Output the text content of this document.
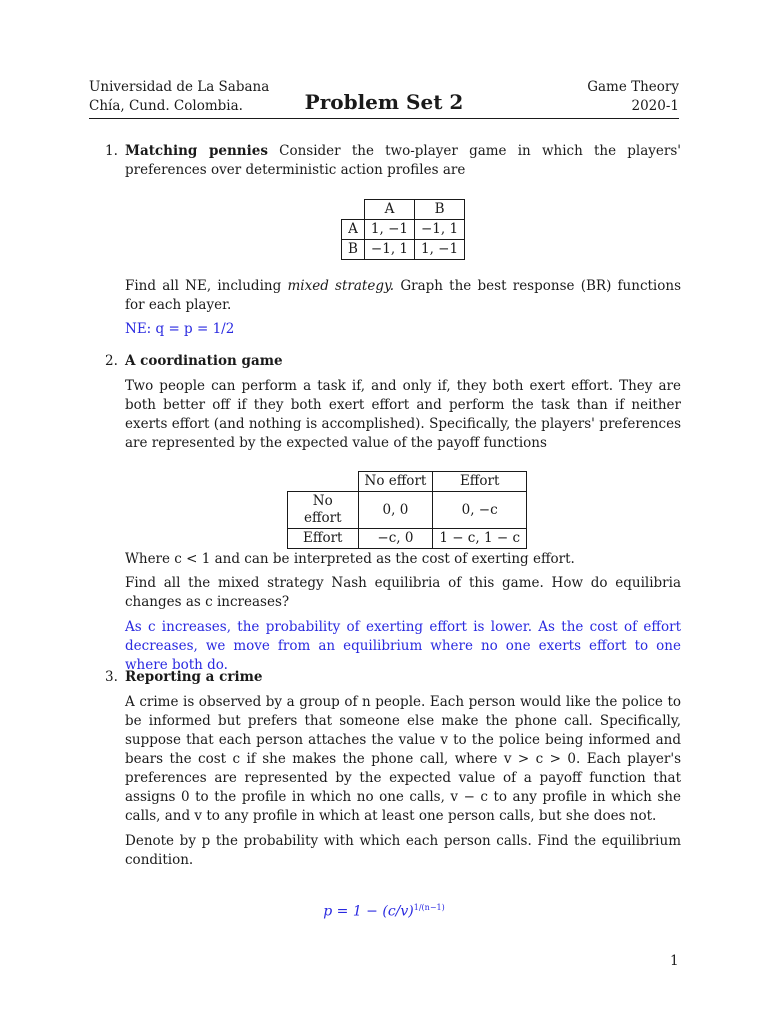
Universidad de La Sabana
Chía, Cund. Colombia.	Problem Set 2
Game Theory
2020-1
1. Matching pennies Consider the two-player game in which the players' preferences over deterministic action profiles are

	A	B
A	1, −1	−1, 1
B	−1, 1	1, −1

Find all NE, including mixed strategy. Graph the best response (BR) functions for each player.

NE: q = p = 1/2
2. A coordination game

Two people can perform a task if, and only if, they both exert effort. They are both better off if they both exert effort and perform the task than if neither exerts effort (and nothing is accomplished). Specifically, the players' preferences are represented by the expected value of the payoff functions

	No effort	Effort
No effort	0, 0	0, −c
Effort	−c, 0	1 − c, 1 − c
Where c < 1 and can be interpreted as the cost of exerting effort.
Find all the mixed strategy Nash equilibria of this game. How do equilibria changes as c increases?
As c increases, the probability of exerting effort is lower. As the cost of effort decreases, we move from an equilibrium where no one exerts effort to one where both do.
3. Reporting a crime

A crime is observed by a group of n people. Each person would like the police to be informed but prefers that someone else make the phone call. Specifically, suppose that each person attaches the value v to the police being informed and bears the cost c if she makes the phone call, where v > c > 0. Each player's preferences are represented by the expected value of a payoff function that assigns 0 to the profile in which no one calls, v − c to any profile in which she calls, and v to any profile in which at least one person calls, but she does not.

Denote by p the probability with which each person calls. Find the equilibrium condition.

$p = 1 - (c/v)^{1/(n-1)}$
1
